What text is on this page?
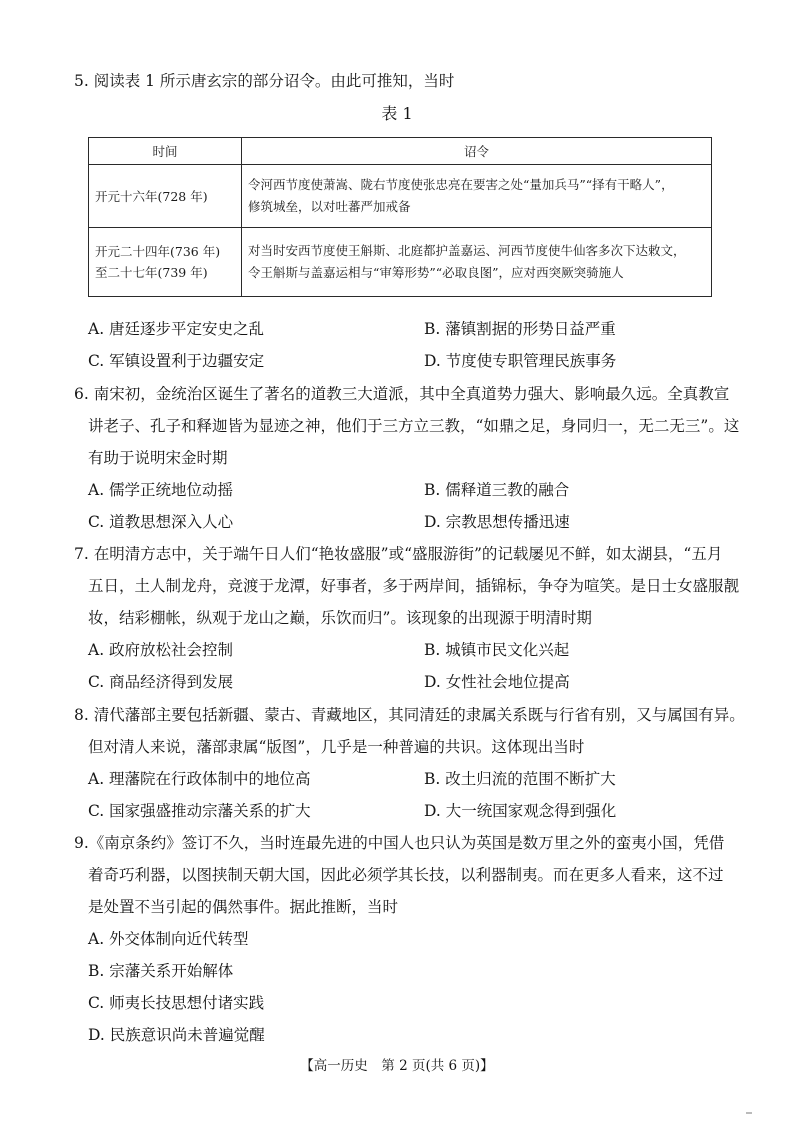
5. 阅读表 1 所示唐玄宗的部分诏令。由此可推知，当时
表 1
时间	诏令

开元十六年(728 年)	令河西节度使萧嵩、陇右节度使张忠亮在要害之处“量加兵马”“择有干略人”，
修筑城垒，以对吐蕃严加戒备

开元二十四年(736 年)
至二十七年(739 年)	对当时安西节度使王斛斯、北庭都护盖嘉运、河西节度使牛仙客多次下达敕文，
令王斛斯与盖嘉运相与“审筹形势”“必取良图”，应对西突厥突骑施人
A. 唐廷逐步平定安史之乱	B. 藩镇割据的形势日益严重
C. 军镇设置利于边疆安定	D. 节度使专职管理民族事务
6. 南宋初，金统治区诞生了著名的道教三大道派，其中全真道势力强大、影响最久远。全真教宣
讲老子、孔子和释迦皆为显迹之神，他们于三方立三教，“如鼎之足，身同归一，无二无三”。这
有助于说明宋金时期
A. 儒学正统地位动摇	B. 儒释道三教的融合
C. 道教思想深入人心	D. 宗教思想传播迅速
7. 在明清方志中，关于端午日人们“艳妆盛服”或“盛服游街”的记载屡见不鲜，如太湖县，“五月
五日，土人制龙舟，竞渡于龙潭，好事者，多于两岸间，插锦标，争夺为喧笑。是日士女盛服靓
妆，结彩棚帐，纵观于龙山之巅，乐饮而归”。该现象的出现源于明清时期
A. 政府放松社会控制	B. 城镇市民文化兴起
C. 商品经济得到发展	D. 女性社会地位提高
8. 清代藩部主要包括新疆、蒙古、青藏地区，其同清廷的隶属关系既与行省有别，又与属国有异。
但对清人来说，藩部隶属“版图”，几乎是一种普遍的共识。这体现出当时
A. 理藩院在行政体制中的地位高	B. 改土归流的范围不断扩大
C. 国家强盛推动宗藩关系的扩大	D. 大一统国家观念得到强化
9.《南京条约》签订不久，当时连最先进的中国人也只认为英国是数万里之外的蛮夷小国，凭借
着奇巧利器，以图挟制天朝大国，因此必须学其长技，以利器制夷。而在更多人看来，这不过
是处置不当引起的偶然事件。据此推断，当时
A. 外交体制向近代转型
B. 宗藩关系开始解体
C. 师夷长技思想付诸实践
D. 民族意识尚未普遍觉醒
【高一历史　第 2 页(共 6 页)】
